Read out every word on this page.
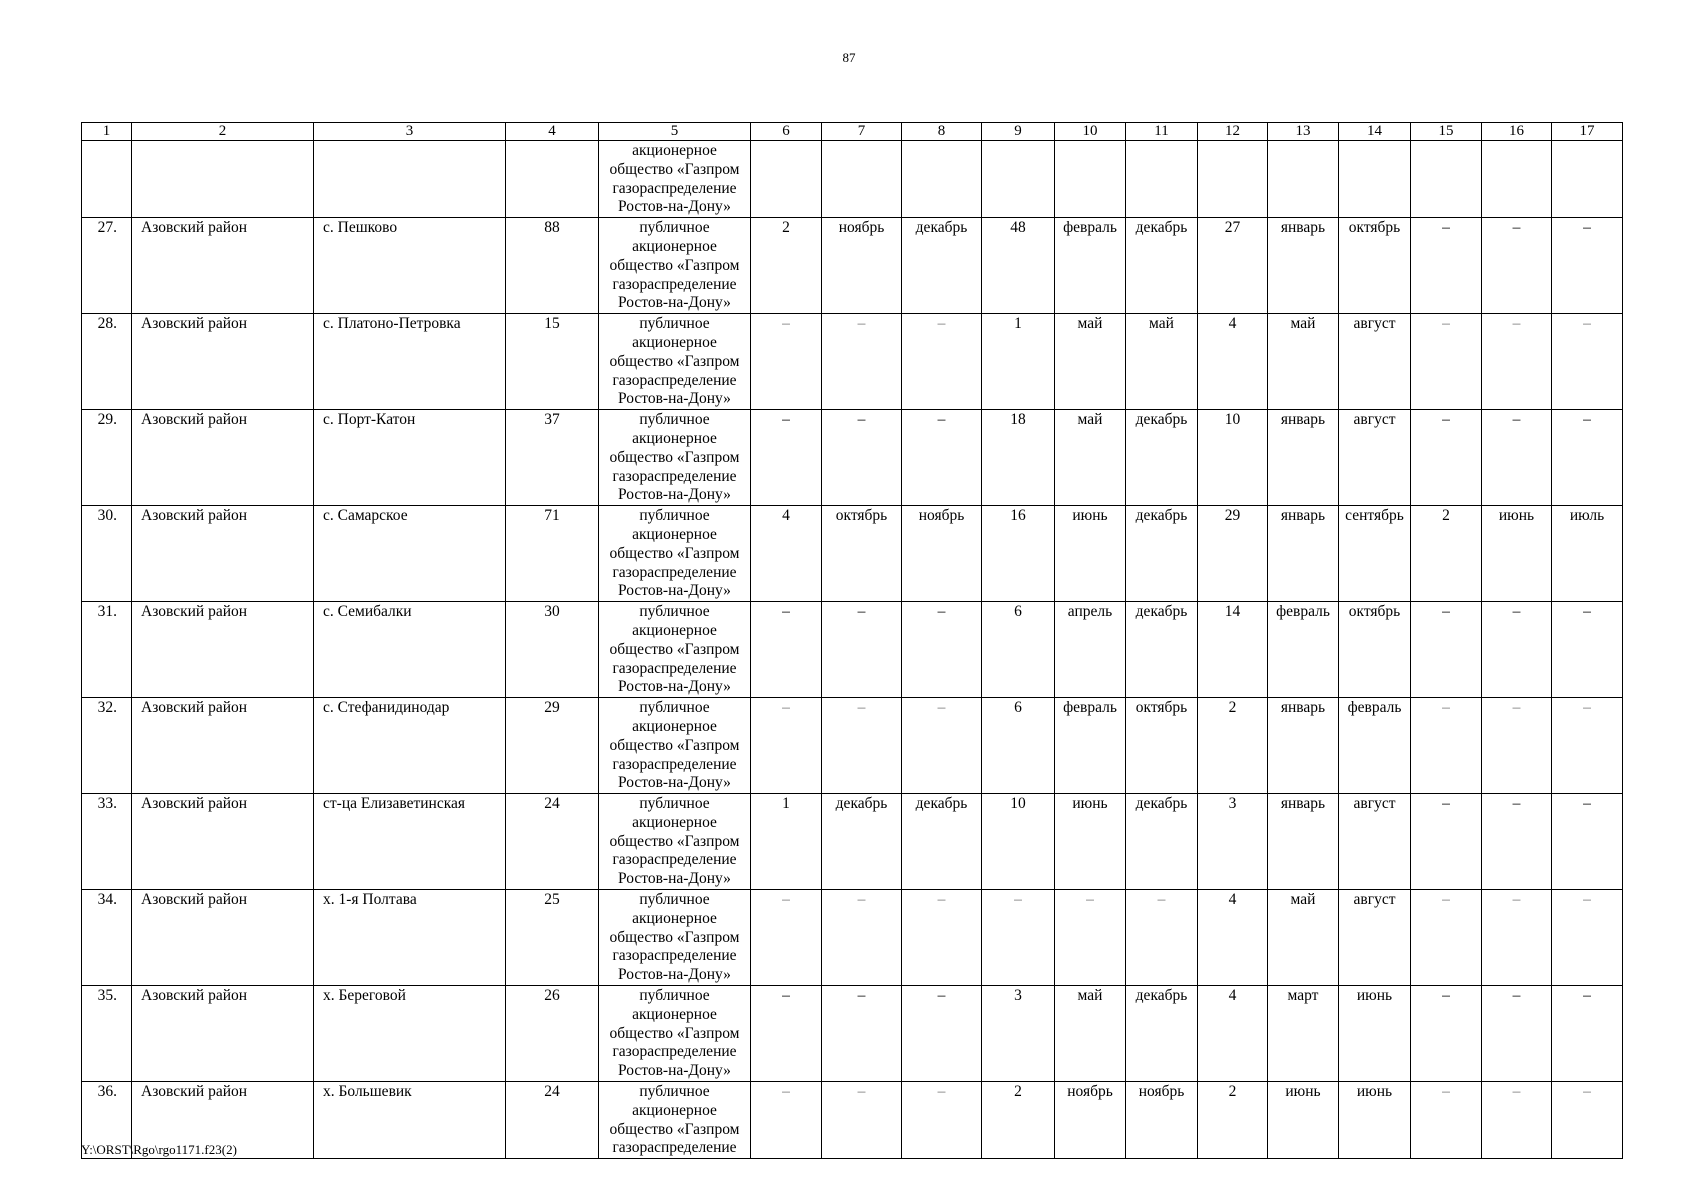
87
1	2	3	4	5	6	7	8	9	10	11	12	13	14	15	16	17
				акционерное
общество «Газпром
газораспределение
Ростов-на-Дону»												
27.	Азовский район	с. Пешково	88	публичное
акционерное
общество «Газпром
газораспределение
Ростов-на-Дону»	2	ноябрь	декабрь	48	февраль	декабрь	27	январь	октябрь	–	–	–
28.	Азовский район	с. Платоно-Петровка	15	публичное
акционерное
общество «Газпром
газораспределение
Ростов-на-Дону»	–	–	–	1	май	май	4	май	август	–	–	–
29.	Азовский район	с. Порт-Катон	37	публичное
акционерное
общество «Газпром
газораспределение
Ростов-на-Дону»	–	–	–	18	май	декабрь	10	январь	август	–	–	–
30.	Азовский район	с. Самарское	71	публичное
акционерное
общество «Газпром
газораспределение
Ростов-на-Дону»	4	октябрь	ноябрь	16	июнь	декабрь	29	январь	сентябрь	2	июнь	июль
31.	Азовский район	с. Семибалки	30	публичное
акционерное
общество «Газпром
газораспределение
Ростов-на-Дону»	–	–	–	6	апрель	декабрь	14	февраль	октябрь	–	–	–
32.	Азовский район	с. Стефанидинодар	29	публичное
акционерное
общество «Газпром
газораспределение
Ростов-на-Дону»	–	–	–	6	февраль	октябрь	2	январь	февраль	–	–	–
33.	Азовский район	ст-ца Елизаветинская	24	публичное
акционерное
общество «Газпром
газораспределение
Ростов-на-Дону»	1	декабрь	декабрь	10	июнь	декабрь	3	январь	август	–	–	–
34.	Азовский район	х. 1-я Полтава	25	публичное
акционерное
общество «Газпром
газораспределение
Ростов-на-Дону»	–	–	–	–	–	–	4	май	август	–	–	–
35.	Азовский район	х. Береговой	26	публичное
акционерное
общество «Газпром
газораспределение
Ростов-на-Дону»	–	–	–	3	май	декабрь	4	март	июнь	–	–	–
36.	Азовский район	х. Большевик	24	публичное
акционерное
общество «Газпром
газораспределение	–	–	–	2	ноябрь	ноябрь	2	июнь	июнь	–	–	–
Y:\ORST\Rgo\rgo1171.f23(2)
